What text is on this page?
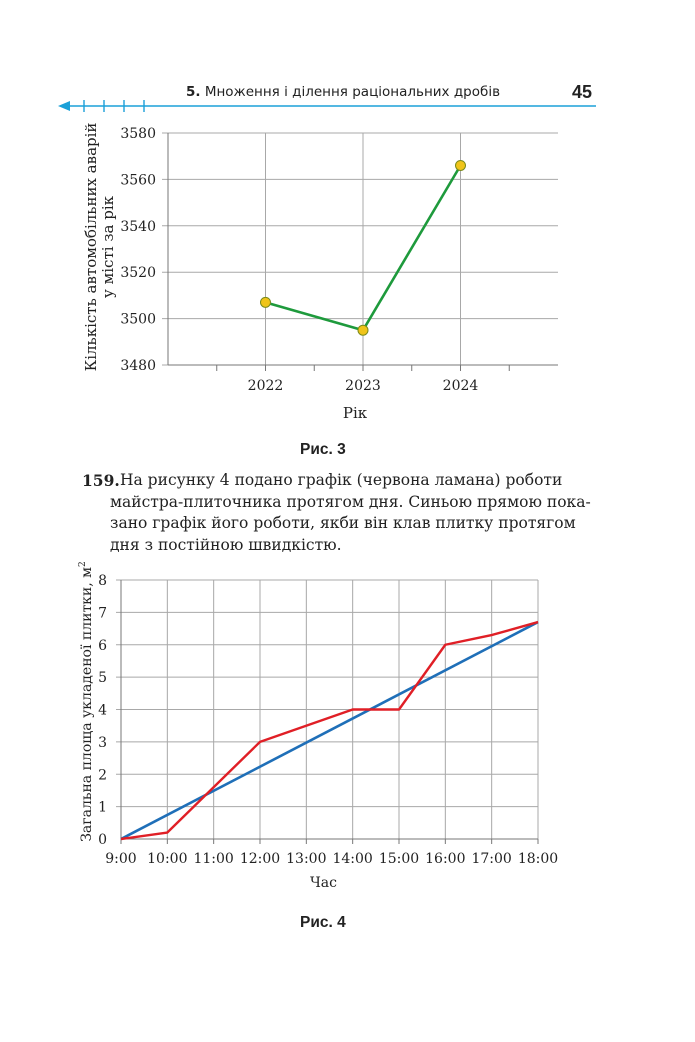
5. Множення і ділення раціональних дробів	45
3480
3500
3520
3540
3560
3580
2022	2023	2024
Рік
Кількість автомобільних аварій у місті за рік
Рис. 3
159. На рисунку 4 подано графік (червона ламана) роботи
майстра-плиточника протягом дня. Синьою прямою пока-
зано графік його роботи, якби він клав плитку протягом
дня з постійною швидкістю.
9:00 10:00 11:00 12:00 13:00 14:00 15:00 16:00 17:00 18:00
0
1
2
3
4
5
6
7
8
Час
Загальна площа укладеної плитки, $м^2$
Рис. 4
